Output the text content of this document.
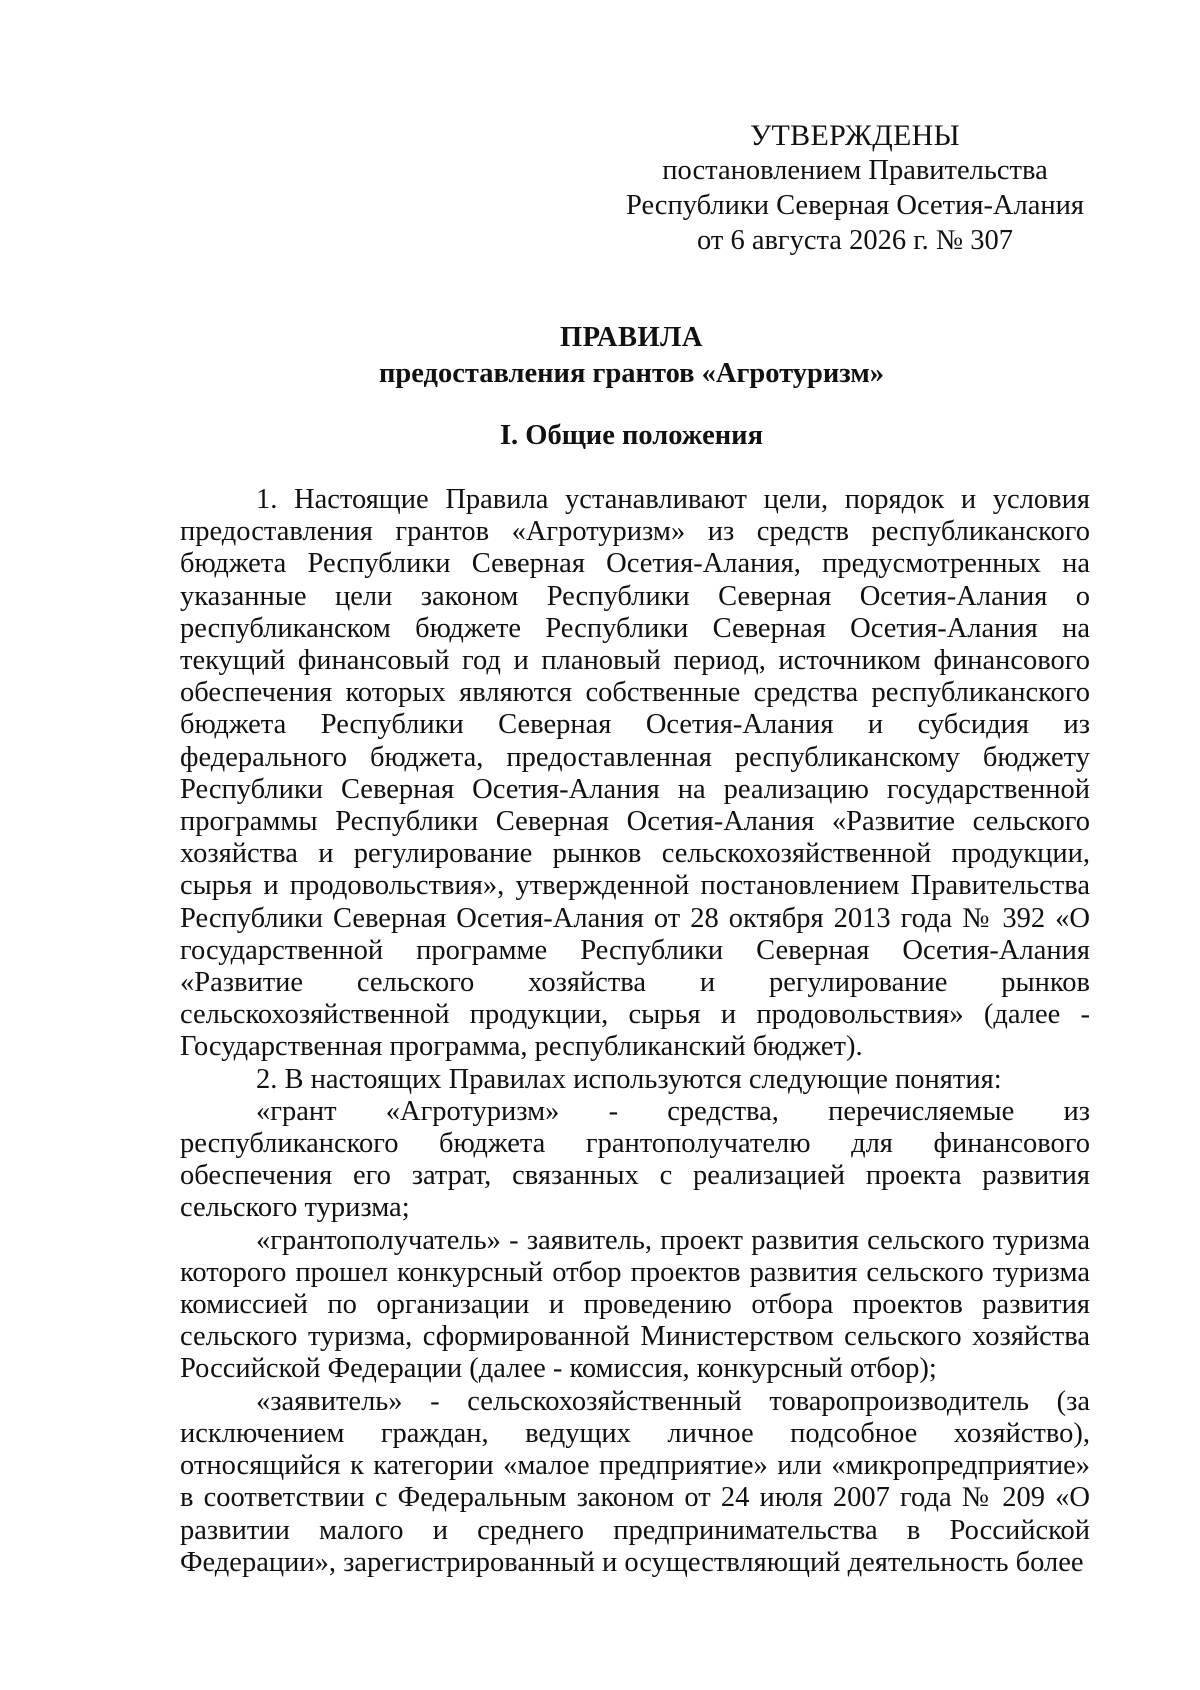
УТВЕРЖДЕНЫ
постановлением Правительства
Республики Северная Осетия-Алания
от 6 августа 2026 г. № 307
ПРАВИЛА
предоставления грантов «Агротуризм»
I. Общие положения

1. Настоящие Правила устанавливают цели, порядок и условия предоставления грантов «Агротуризм» из средств республиканского бюджета Республики Северная Осетия-Алания, предусмотренных на указанные цели законом Республики Северная Осетия-Алания о республиканском бюджете Республики Северная Осетия-Алания на текущий финансовый год и плановый период, источником финансового обеспечения которых являются собственные средства республиканского бюджета Республики Северная Осетия-Алания и субсидия из федерального бюджета, предоставленная республиканскому бюджету Республики Северная Осетия-Алания на реализацию государственной программы Республики Северная Осетия-Алания «Развитие сельского хозяйства и регулирование рынков сельскохозяйственной продукции, сырья и продовольствия», утвержденной постановлением Правительства Республики Северная Осетия-Алания от 28 октября 2013 года № 392 «О государственной программе Республики Северная Осетия-Алания «Развитие сельского хозяйства и регулирование рынков сельскохозяйственной продукции, сырья и продовольствия» (далее - Государственная программа, республиканский бюджет).

2. В настоящих Правилах используются следующие понятия:

«грант «Агротуризм» - средства, перечисляемые из республиканского бюджета грантополучателю для финансового обеспечения его затрат, связанных с реализацией проекта развития сельского туризма;

«грантополучатель» - заявитель, проект развития сельского туризма которого прошел конкурсный отбор проектов развития сельского туризма комиссией по организации и проведению отбора проектов развития сельского туризма, сформированной Министерством сельского хозяйства Российской Федерации (далее - комиссия, конкурсный отбор);

«заявитель» - сельскохозяйственный товаропроизводитель (за исключением граждан, ведущих личное подсобное хозяйство), относящийся к категории «малое предприятие» или «микропредприятие» в соответствии с Федеральным законом от 24 июля 2007 года № 209 «О развитии малого и среднего предпринимательства в Российской Федерации», зарегистрированный и осуществляющий деятельность более
